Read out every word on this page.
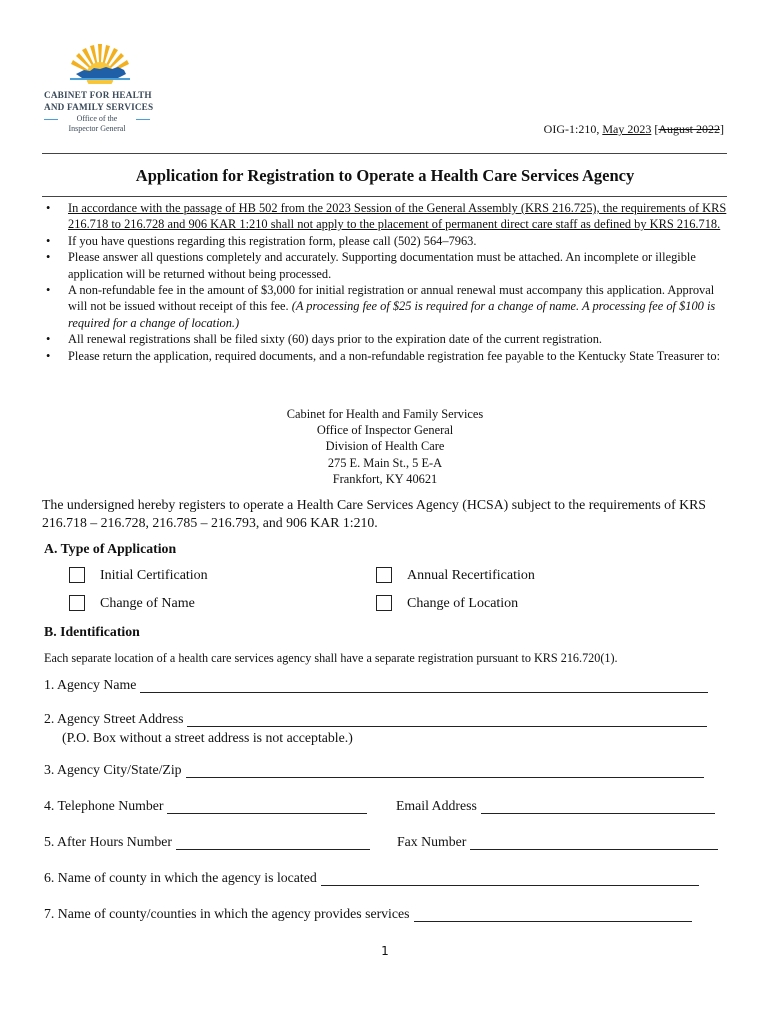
CABINET FOR HEALTH
AND FAMILY SERVICES
Office of the
Inspector General	OIG-1:210, May 2023 [August 2022]
Application for Registration to Operate a Health Care Services Agency
• In accordance with the passage of HB 502 from the 2023 Session of the General Assembly (KRS 216.725), the requirements of KRS 216.718 to 216.728 and 906 KAR 1:210 shall not apply to the placement of permanent direct care staff as defined by KRS 216.718.
• If you have questions regarding this registration form, please call (502) 564–7963.
• Please answer all questions completely and accurately. Supporting documentation must be attached. An incomplete or illegible application will be returned without being processed.
• A non-refundable fee in the amount of $3,000 for initial registration or annual renewal must accompany this application. Approval will not be issued without receipt of this fee. (A processing fee of $25 is required for a change of name. A processing fee of $100 is required for a change of location.)
• All renewal registrations shall be filed sixty (60) days prior to the expiration date of the current registration.
• Please return the application, required documents, and a non-refundable registration fee payable to the Kentucky State Treasurer to:
Cabinet for Health and Family Services
Office of Inspector General
Division of Health Care
275 E. Main St., 5 E-A
Frankfort, KY 40621
The undersigned hereby registers to operate a Health Care Services Agency (HCSA) subject to the requirements of KRS 216.718 – 216.728, 216.785 – 216.793, and 906 KAR 1:210.
A. Type of Application
Initial Certification	Annual Recertification
Change of Name	Change of Location
B. Identification
Each separate location of a health care services agency shall have a separate registration pursuant to KRS 216.720(1).
1. Agency Name
2. Agency Street Address
(P.O. Box without a street address is not acceptable.)
3. Agency City/State/Zip
4. Telephone Number	Email Address
5. After Hours Number	Fax Number
6. Name of county in which the agency is located
7. Name of county/counties in which the agency provides services
1
